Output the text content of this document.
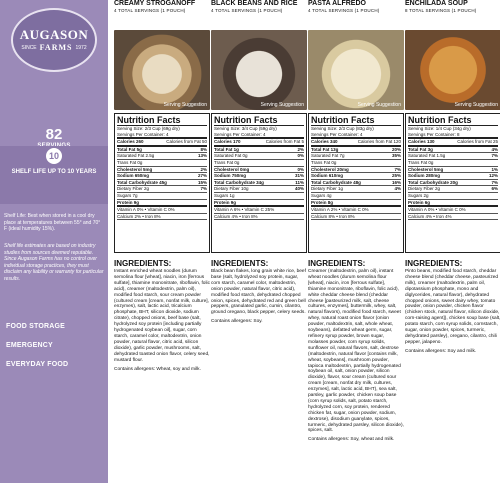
AUGASON
SINCE FARMS 1972
82
10
SHELF LIFE UP TO 10 YEARS
Shelf Life: Best when stored in a cool dry place at temperatures between 55° and 70° F (ideal humidity 15%).
Shelf life estimates are based on industry studies from sources deemed reputable. Since Augason Farms has no control over individual storage practices, they must disclaim any liability or warranty for particular results.
FOOD STORAGE
EMERGENCY
EVERYDAY FOOD
CREAMY STROGANOFF
4 TOTAL SERVINGS (1 POUCH)
Serving Suggestion
Nutrition Facts
Serving Size: 2/3 Cup (69g dry)
Servings Per Container: 4
Calories 260	Calories from Fat 50
Total Fat 5g	8%
Saturated Fat 2.5g	13%
Trans Fat 0g
Cholesterol 5mg	2%
Sodium 650mg	27%
Total Carbohydrate 45g	15%
Dietary Fiber 2g	7%
Sugars 7g
Protein 9g
Vitamin A 0% • Vitamin C 0%
Calcium 2% • Iron 8%
INGREDIENTS:
Instant enriched wheat noodles (durum semolina flour [wheat], niacin, iron [ferrous sulfate], thiamine mononitrate, riboflavin, folic acid), creamer (maltodextrin, palm oil), modified food starch, sour cream powder (cultured cream [cream, nonfat milk, culture], enzymes), salt, lactic acid, tricalcium phosphate, BHT, silicon dioxide, sodium citrate), chopped onions, beef base (salt, hydrolyzed soy protein [including partially hydrogenated soybean oil], sugar, corn starch, caramel color, maltodextrin, onion powder, natural flavor, citric acid, silicon dioxide), garlic powder, mushrooms, salt, dehydrated toasted onion flavor, celery seed, mustard flour.
Contains allergens: Wheat, soy and milk.
BLACK BEANS AND RICE
4 TOTAL SERVINGS (1 POUCH)
Serving Suggestion
Nutrition Facts
Serving Size: 3/4 Cup (59g dry)
Servings Per Container: 4
Calories 170	Calories from Fat 5
Total Fat 1g	2%
Saturated Fat 0g	0%
Trans Fat 0g
Cholesterol 0mg	0%
Sodium 750mg	31%
Total Carbohydrate 34g	11%
Dietary Fiber 10g	40%
Sugars 1g
Protein 9g
Vitamin A 6% • Vitamin C 25%
Calcium 4% • Iron 8%
INGREDIENTS:
Black bean flakes, long grain white rice, beef base (salt, hydrolyzed soy protein, sugar, corn starch, caramel color, maltodextrin, onion powder, natural flavor, citric acid), modified food starch, dehydrated chopped onion, spices, dehydrated red and green bell peppers, granulated garlic, cumin, cilantro, ground oregano, black pepper, celery seeds.
Contains allergens: Soy.
PASTA ALFREDO
4 TOTAL SERVINGS (1 POUCH)
Serving Suggestion
Nutrition Facts
Serving Size: 2/3 Cup (83g dry)
Servings Per Container: 4
Calories 340	Calories from Fat 120
Total Fat 13g	20%
Saturated Fat 7g	35%
Trans Fat 0g
Cholesterol 20mg	7%
Sodium 610mg	25%
Total Carbohydrate 48g	16%
Dietary Fiber 1g	4%
Sugars 4g
Protein 8g
Vitamin A 2% • Vitamin C 0%
Calcium 8% • Iron 8%
INGREDIENTS:
Creamer (maltodextrin, palm oil), instant wheat noodles (durum semolina flour [wheat], niacin, iron [ferrous sulfate], thiamine mononitrate, riboflavin, folic acid), white cheddar cheese blend (cheddar cheese [pasteurized milk, salt, cheese cultures, enzymes], buttermilk, whey, salt, natural flavors), modified food starch, sweet whey, natural roast onion flavor (onion powder, maltodextrin, salt, whole wheat, soybeans), defatted wheat germ, sugar, refinery syrup powder, brown sugar, molasses powder, corn syrup solids, sunflower oil, natural flavors, salt, dextrose (maltodextrin, natural flavor [contains milk, wheat, soybeans], mushroom powder, tapioca maltodextrin, partially hydrogenated soybean oil, salt, onion powder, silicon dioxide), flavor, sour cream (cultured sour cream [cream, nonfat dry milk, cultures, enzymes], salt, lactic acid, BHT), sea salt, parsley, garlic powder, chicken soup base (corn syrup solids, salt, potato starch, hydrolyzed corn, soy protein, rendered chicken fat, sugar, onion powder, sodium, dextrose), disodium guanylate, spices, turmeric, dehydrated parsley, silicon dioxide), spices, salt.
Contains allergens: Soy, wheat and milk.
ENCHILADA SOUP
8 TOTAL SERVINGS (1 POUCH)
Serving Suggestion
Nutrition Facts
Serving Size: 1/4 Cup (34g dry)
Servings Per Container: 8
Calories 130	Calories from Fat 25
Total Fat 3g	4%
Saturated Fat 1.5g	7%
Trans Fat 0g
Cholesterol 5mg	1%
Sodium 280mg	12%
Total Carbohydrate 20g	7%
Dietary Fiber 2g	6%
Sugars 2g
Protein 6g
Vitamin A 0% • Vitamin C 0%
Calcium 4% • Iron 4%
INGREDIENTS:
Pinto beans, modified food starch, cheddar cheese blend (cheddar cheese, pasteurized milk), creamer (maltodextrin, palm oil, dipotassium phosphate, mono and diglycerides, natural flavor), dehydrated chopped onions, sweet dairy whey, tomato powder, onion powder, chicken flavor (chicken stock, natural flavor, silicon dioxide, corn-raising agent]), chicken soup base (salt, potato starch, corn syrup solids, cornstarch, sugar, onion powder, spices, turmeric, dehydrated parsley), oregano, cilantro, chili pepper, jalapeno.
Contains allergens: Soy and milk.
